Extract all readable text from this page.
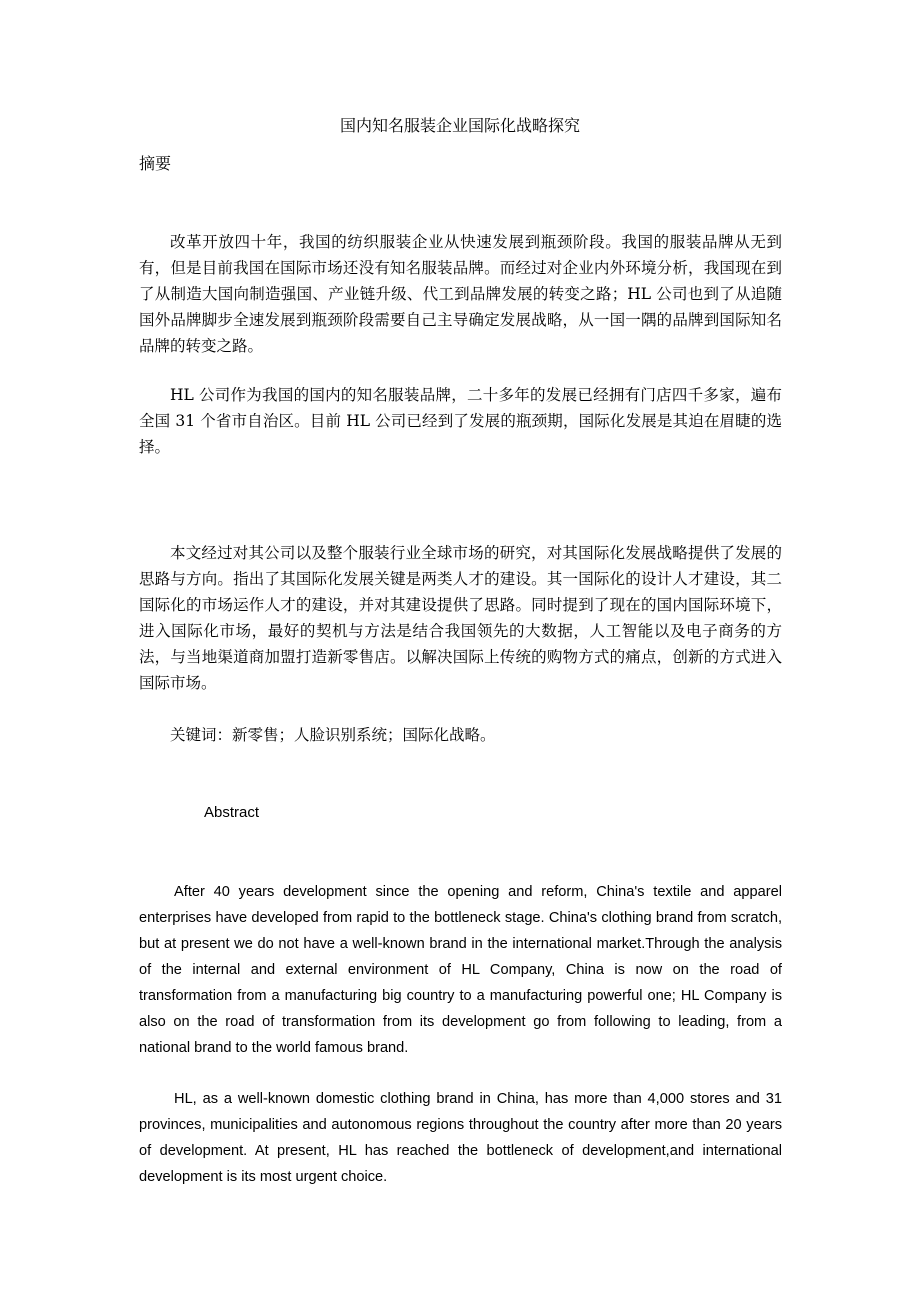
国内知名服装企业国际化战略探究
摘要

改革开放四十年，我国的纺织服装企业从快速发展到瓶颈阶段。我国的服装品牌从无到有，但是目前我国在国际市场还没有知名服装品牌。而经过对企业内外环境分析，我国现在到了从制造大国向制造强国、产业链升级、代工到品牌发展的转变之路；HL 公司也到了从追随国外品牌脚步全速发展到瓶颈阶段需要自己主导确定发展战略，从一国一隅的品牌到国际知名品牌的转变之路。

HL 公司作为我国的国内的知名服装品牌，二十多年的发展已经拥有门店四千多家，遍布全国 31 个省市自治区。目前 HL 公司已经到了发展的瓶颈期，国际化发展是其迫在眉睫的选择。

本文经过对其公司以及整个服装行业全球市场的研究，对其国际化发展战略提供了发展的思路与方向。指出了其国际化发展关键是两类人才的建设。其一国际化的设计人才建设，其二国际化的市场运作人才的建设，并对其建设提供了思路。同时提到了现在的国内国际环境下，进入国际化市场，最好的契机与方法是结合我国领先的大数据，人工智能以及电子商务的方法，与当地渠道商加盟打造新零售店。以解决国际上传统的购物方式的痛点，创新的方式进入国际市场。

关键词：新零售；人脸识别系统；国际化战略。

Abstract

After 40 years development since the opening and reform, China's textile and apparel enterprises have developed from rapid to the bottleneck stage. China's clothing brand from scratch, but at present we do not have a well-known brand in the international market.Through the analysis of the internal and external environment of HL Company, China is now on the road of transformation from a manufacturing big country to a manufacturing powerful one; HL Company is also on the road of transformation from its development go from following to leading, from a national brand to the world famous brand.

HL, as a well-known domestic clothing brand in China, has more than 4,000 stores and 31 provinces, municipalities and autonomous regions throughout the country after more than 20 years of development. At present, HL has reached the bottleneck of development,and international development is its most urgent choice.
